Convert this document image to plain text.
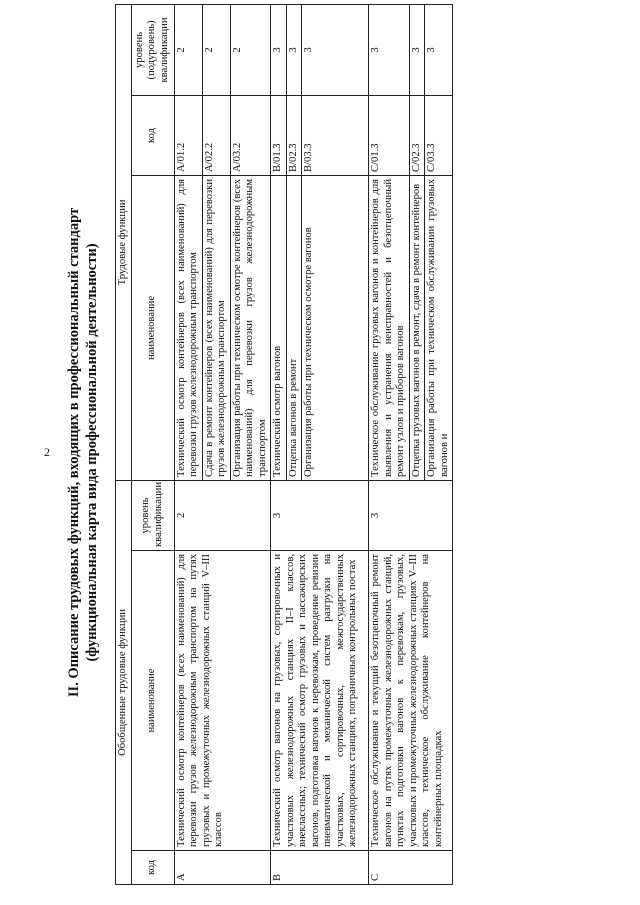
2 II. Описание трудовых функций, входящих в профессиональный стандарт (функциональная карта вида профессиональной деятельности)
Обобщенные трудовые функции			Трудовые функции		
код	наименование	уровень квалификации	наименование	код	уровень (подуровень) квалификации
А	Технический осмотр контейнеров (всех наименований) для перевозки грузов железнодорожным транспортом на путях грузовых и промежуточных железнодорожных станций V–III классов	2	Технический осмотр контейнеров (всех наименований) для перевозки грузов железнодорожным транспортом	А/01.2	2
			Сдача в ремонт контейнеров (всех наименований) для перевозки грузов железнодорожным транспортом	А/02.2	2
			Организация работы при техническом осмотре контейнеров (всех наименований) для перевозки грузов железнодорожным транспортом	А/03.2	2
В	Технический осмотр вагонов на грузовых, сортировочных и участковых железнодорожных станциях II–I классов, внеклассных; технический осмотр грузовых и пассажирских вагонов, подготовка вагонов к перевозкам, проведение ревизии пневматической и механической систем разгрузки на участковых, сортировочных, межгосударственных железнодорожных станциях, пограничных контрольных постах	3	Технический осмотр вагонов	В/01.3	3
			Отцепка вагонов в ремонт	В/02.3	3
			Организация работы при техническом осмотре вагонов	В/03.3	3
С	Техническое обслуживание и текущий безотцепочный ремонт вагонов на путях промежуточных железнодорожных станций, пунктах подготовки вагонов к перевозкам, грузовых, участковых и промежуточных железнодорожных станциях V–III классов, техническое обслуживание контейнеров на контейнерных площадках	3	Техническое обслуживание грузовых вагонов и контейнеров для выявления и устранения неисправностей и безотцепочный ремонт узлов и приборов вагонов	С/01.3	3
			Отцепка грузовых вагонов в ремонт, сдача в ремонт контейнеров	С/02.3	3
			Организация работы при техническом обслуживании грузовых вагонов и	С/03.3	3
